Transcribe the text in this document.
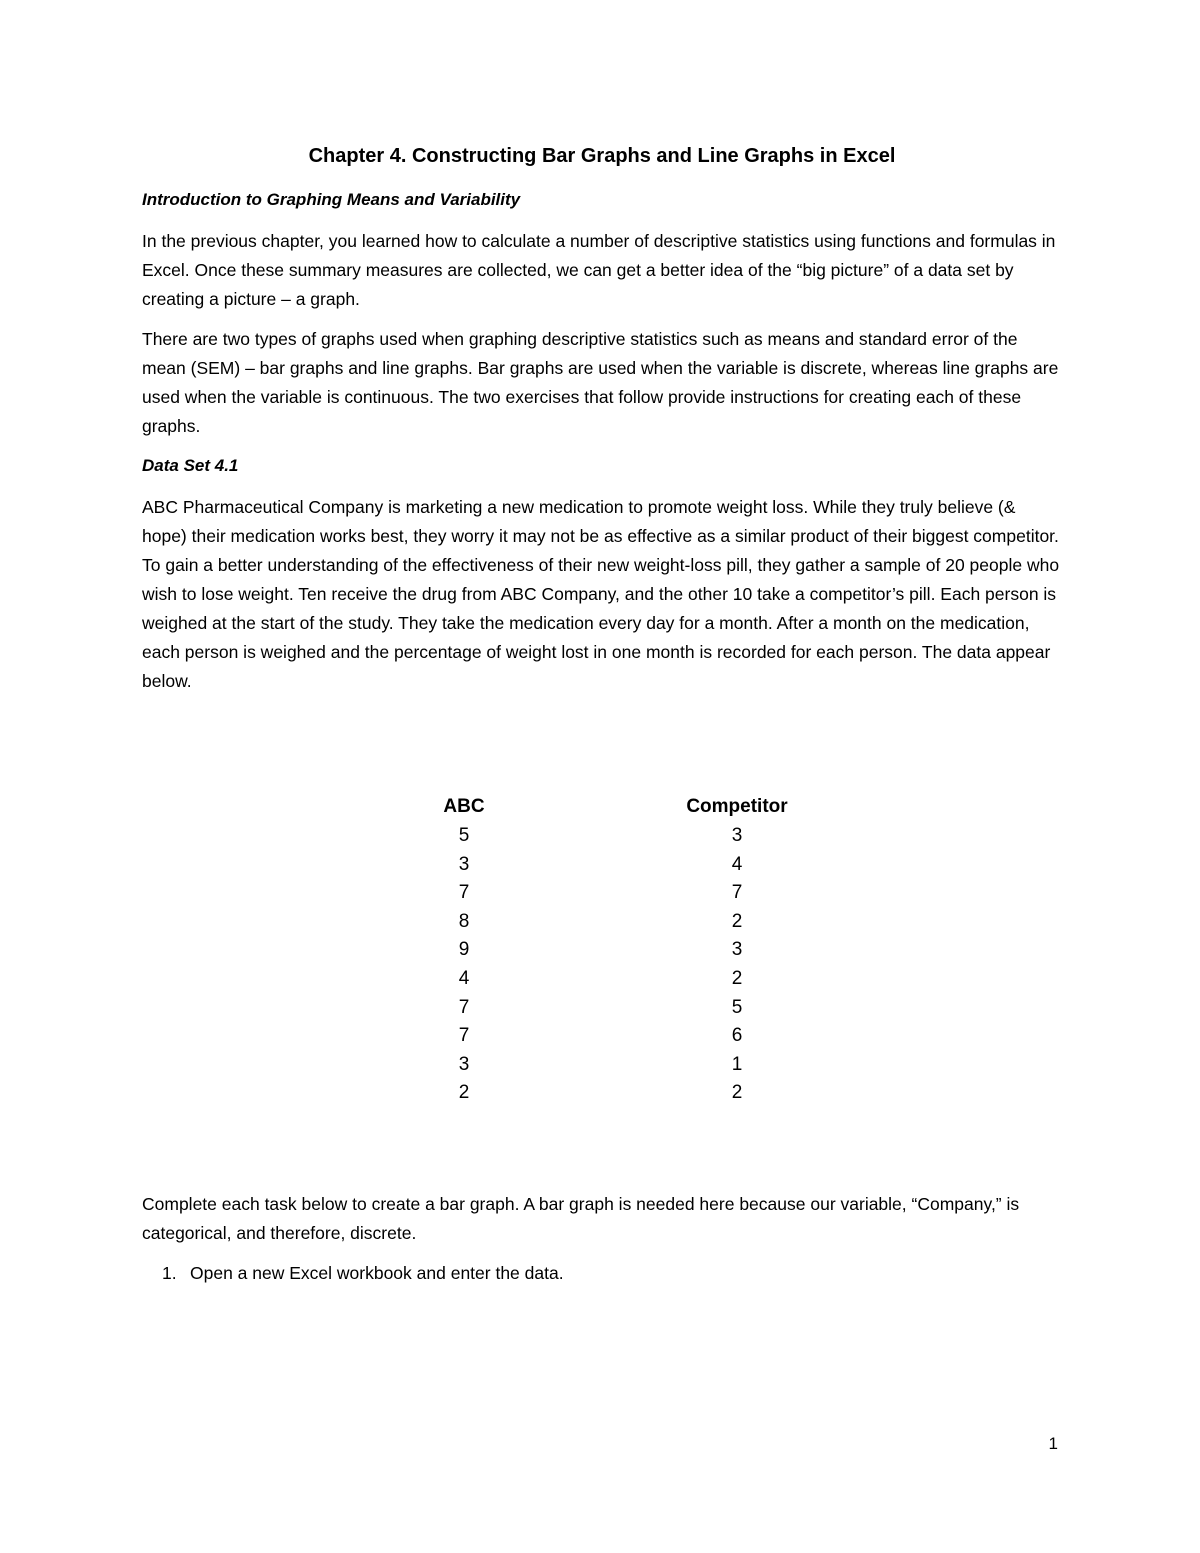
Chapter 4. Constructing Bar Graphs and Line Graphs in Excel
Introduction to Graphing Means and Variability

In the previous chapter, you learned how to calculate a number of descriptive statistics using functions and formulas in Excel. Once these summary measures are collected, we can get a better idea of the “big picture” of a data set by creating a picture – a graph.

There are two types of graphs used when graphing descriptive statistics such as means and standard error of the mean (SEM) – bar graphs and line graphs. Bar graphs are used when the variable is discrete, whereas line graphs are used when the variable is continuous. The two exercises that follow provide instructions for creating each of these graphs.

Data Set 4.1

ABC Pharmaceutical Company is marketing a new medication to promote weight loss. While they truly believe (& hope) their medication works best, they worry it may not be as effective as a similar product of their biggest competitor. To gain a better understanding of the effectiveness of their new weight-loss pill, they gather a sample of 20 people who wish to lose weight. Ten receive the drug from ABC Company, and the other 10 take a competitor’s pill. Each person is weighed at the start of the study. They take the medication every day for a month. After a month on the medication, each person is weighed and the percentage of weight lost in one month is recorded for each person. The data appear below.

ABC
5
3
7
8
9
4
7
7
3
2
Competitor
3
4
7
2
3
2
5
6
1
2

Complete each task below to create a bar graph. A bar graph is needed here because our variable, “Company,” is categorical, and therefore, discrete.

1. Open a new Excel workbook and enter the data.
1
